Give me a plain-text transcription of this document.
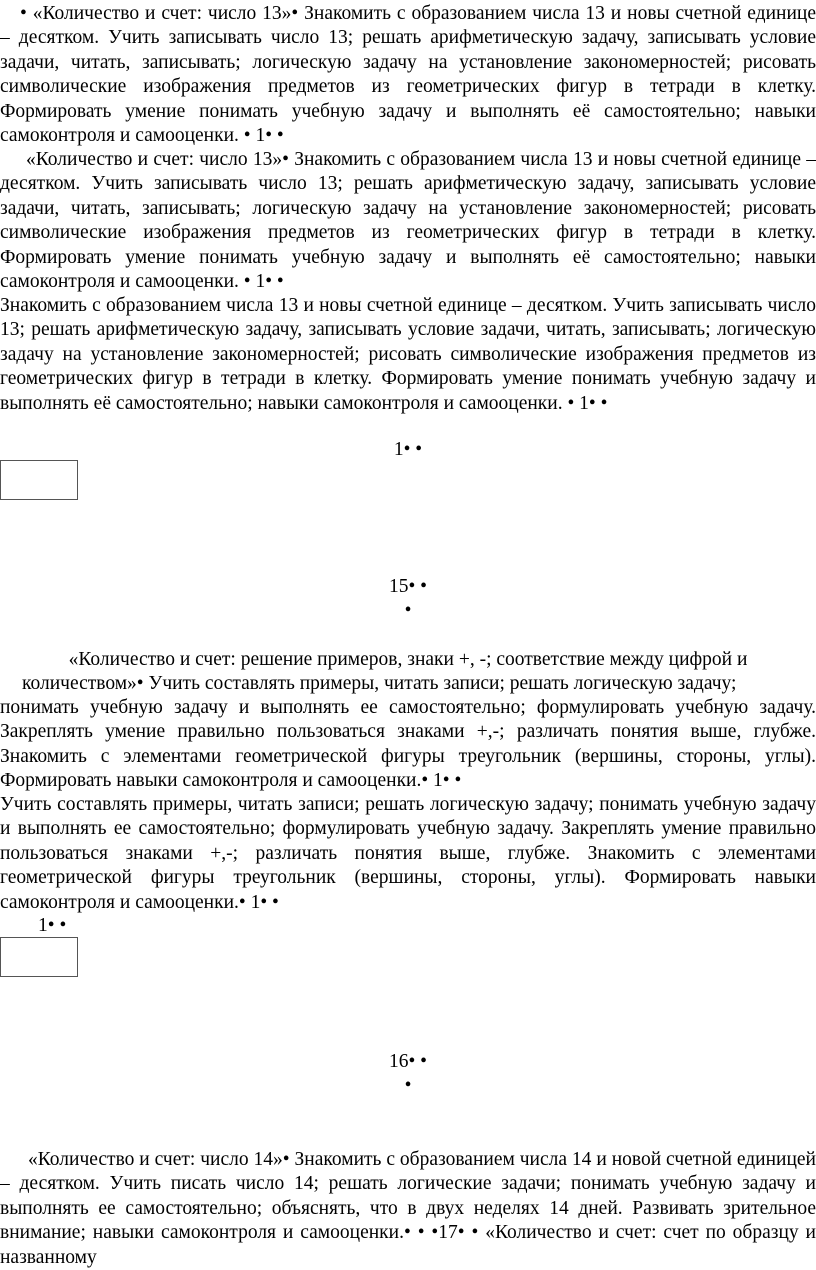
• «Количество и счет: число 13»• Знакомить с образованием числа 13 и новы счетной единице – десятком. Учить записывать число 13; решать арифметическую задачу, записывать условие задачи, читать, записывать; логическую задачу на установление закономерностей; рисовать символические изображения предметов из геометрических фигур в тетради в клетку. Формировать умение понимать учебную задачу и выполнять её самостоятельно; навыки самоконтроля и самооценки. • 1• •

«Количество и счет: число 13»• Знакомить с образованием числа 13 и новы счетной единице – десятком. Учить записывать число 13; решать арифметическую задачу, записывать условие задачи, читать, записывать; логическую задачу на установление закономерностей; рисовать символические изображения предметов из геометрических фигур в тетради в клетку. Формировать умение понимать учебную задачу и выполнять её самостоятельно; навыки самоконтроля и самооценки. • 1• •

Знакомить с образованием числа 13 и новы счетной единице – десятком. Учить записывать число 13; решать арифметическую задачу, записывать условие задачи, читать, записывать; логическую задачу на установление закономерностей; рисовать символические изображения предметов из геометрических фигур в тетради в клетку. Формировать умение понимать учебную задачу и выполнять её самостоятельно; навыки самоконтроля и самооценки. • 1• •

1• •

15• •

•

«Количество и счет: решение примеров, знаки +, -; соответствие между цифрой и

количеством»• Учить составлять примеры, читать записи; решать логическую задачу;

понимать учебную задачу и выполнять ее самостоятельно; формулировать учебную задачу. Закреплять умение правильно пользоваться знаками +,-; различать понятия выше, глубже. Знакомить с элементами геометрической фигуры треугольник (вершины, стороны, углы). Формировать навыки самоконтроля и самооценки.• 1• •

Учить составлять примеры, читать записи; решать логическую задачу; понимать учебную задачу и выполнять ее самостоятельно; формулировать учебную задачу. Закреплять умение правильно пользоваться знаками +,-; различать понятия выше, глубже. Знакомить с элементами геометрической фигуры треугольник (вершины, стороны, углы). Формировать навыки самоконтроля и самооценки.• 1• •

1• •

16• •

•

«Количество и счет: число 14»• Знакомить с образованием числа 14 и новой счетной единицей – десятком. Учить писать число 14; решать логические задачи; понимать учебную задачу и выполнять ее самостоятельно; объяснять, что в двух неделях 14 дней. Развивать зрительное внимание; навыки самоконтроля и самооценки.• • •17• • «Количество и счет: счет по образцу и названному
